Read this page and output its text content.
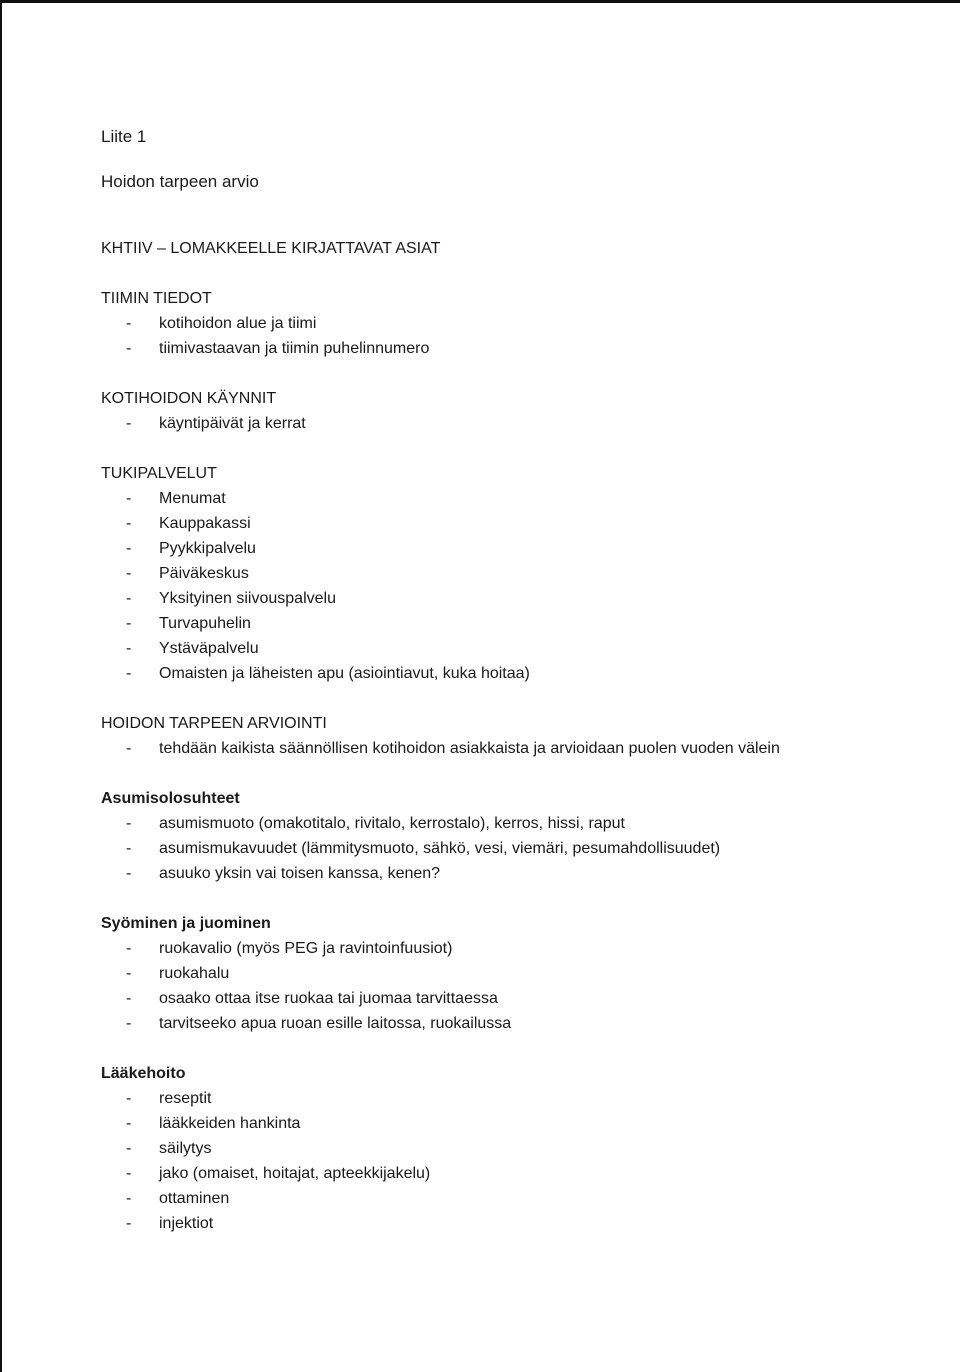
Liite 1
Hoidon tarpeen arvio
KHTIIV – LOMAKKEELLE KIRJATTAVAT ASIAT
TIIMIN TIEDOT
-	kotihoidon alue ja tiimi
-	tiimivastaavan ja tiimin puhelinnumero
KOTIHOIDON KÄYNNIT
-	käyntipäivät ja kerrat
TUKIPALVELUT
-	Menumat
-	Kauppakassi
-	Pyykkipalvelu
-	Päiväkeskus
-	Yksityinen siivouspalvelu
-	Turvapuhelin
-	Ystäväpalvelu
-	Omaisten ja läheisten apu (asiointiavut, kuka hoitaa)
HOIDON TARPEEN ARVIOINTI
-	tehdään kaikista säännöllisen kotihoidon asiakkaista ja arvioidaan puolen vuoden välein
Asumisolosuhteet
-	asumismuoto (omakotitalo, rivitalo, kerrostalo), kerros, hissi, raput
-	asumismukavuudet (lämmitysmuoto, sähkö, vesi, viemäri, pesumahdollisuudet)
-	asuuko yksin vai toisen kanssa, kenen?
Syöminen ja juominen
-	ruokavalio (myös PEG ja ravintoinfuusiot)
-	ruokahalu
-	osaako ottaa itse ruokaa tai juomaa tarvittaessa
-	tarvitseeko apua ruoan esille laitossa, ruokailussa
Lääkehoito
-	reseptit
-	lääkkeiden hankinta
-	säilytys
-	jako (omaiset, hoitajat, apteekkijakelu)
-	ottaminen
-	injektiot
